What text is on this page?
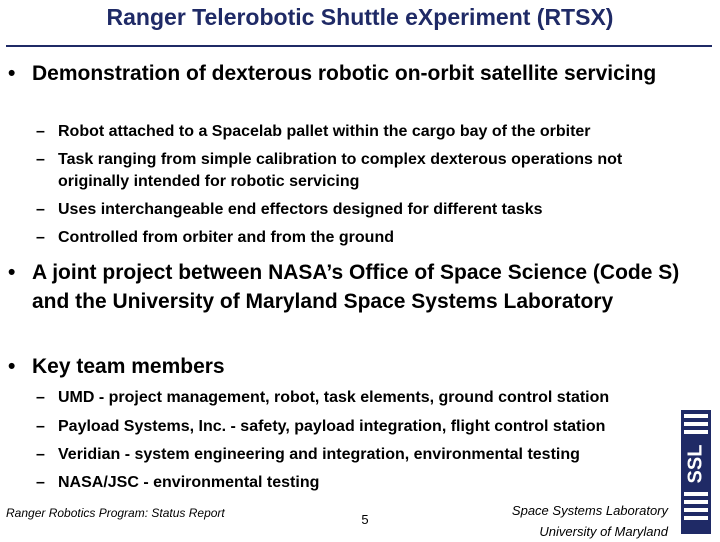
Ranger Telerobotic Shuttle eXperiment (RTSX)
• Demonstration of dexterous robotic on-orbit satellite servicing
– Robot attached to a Spacelab pallet within the cargo bay of the orbiter
– Task ranging from simple calibration to complex dexterous operations not originally intended for robotic servicing
– Uses interchangeable end effectors designed for different tasks
– Controlled from orbiter and from the ground
• A joint project between NASA’s Office of Space Science (Code S) and the University of Maryland Space Systems Laboratory
• Key team members
– UMD - project management, robot, task elements, ground control station
– Payload Systems, Inc. - safety, payload integration, flight control station
– Veridian - system engineering and integration, environmental testing
– NASA/JSC - environmental testing
Ranger Robotics Program: Status Report	5
Space Systems Laboratory
University of Maryland
SSL
